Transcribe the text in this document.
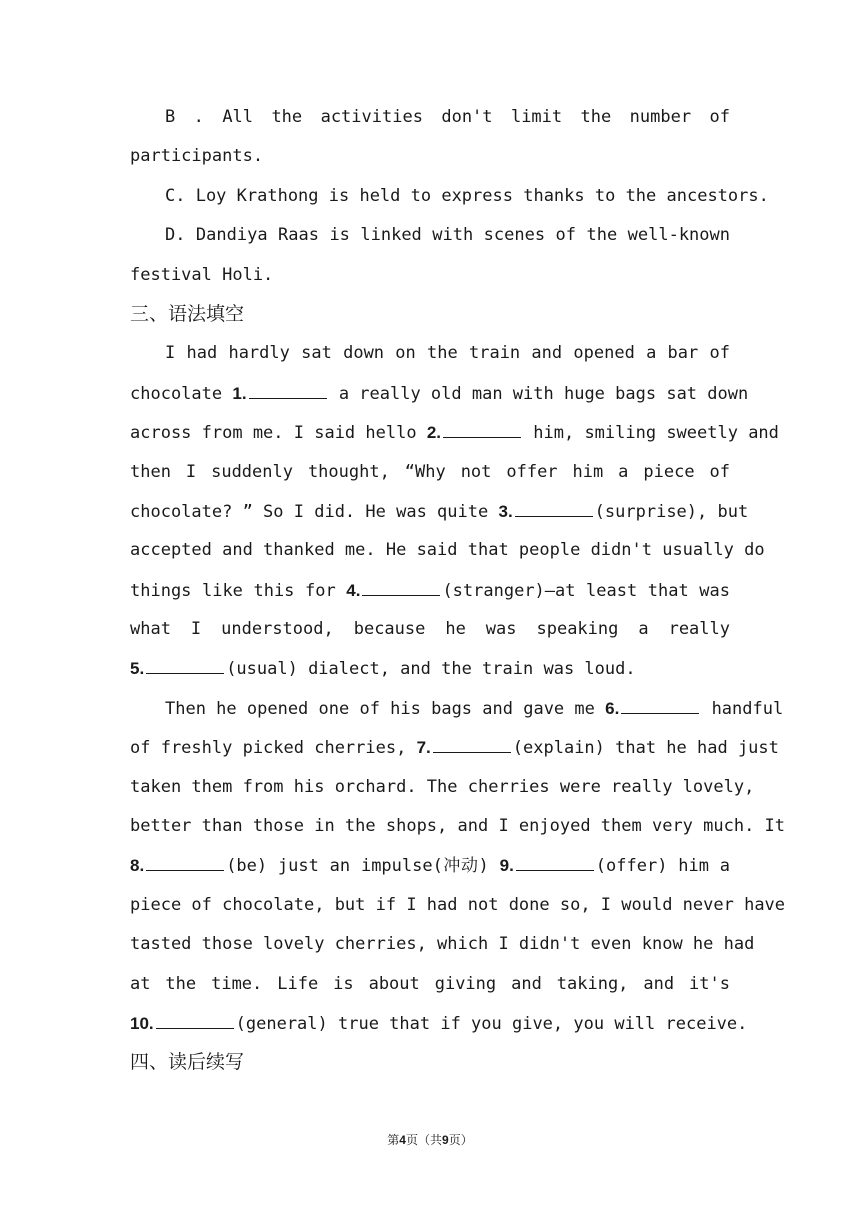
B . All the activities don't limit the number of
participants.
C. Loy Krathong is held to express thanks to the ancestors.
D. Dandiya Raas is linked with scenes of the well-known
festival Holi.
三、语法填空
I had hardly sat down on the train and opened a bar of
chocolate 1.	a really old man with huge bags sat down
across from me. I said hello 2.	him, smiling sweetly and
then I suddenly thought, “Why not offer him a piece of
chocolate? ” So I did. He was quite 3.	(surprise), but
accepted and thanked me. He said that people didn't usually do
things like this for 4.	(stranger)—at least that was
what I understood, because he was speaking a really
5.	(usual) dialect, and the train was loud.
Then he opened one of his bags and gave me 6.	handful
of freshly picked cherries, 7.	(explain) that he had just
taken them from his orchard. The cherries were really lovely,
better than those in the shops, and I enjoyed them very much. It
8.	(be) just an impulse(冲动) 9.	(offer) him a
piece of chocolate, but if I had not done so, I would never have
tasted those lovely cherries, which I didn't even know he had
at the time. Life is about giving and taking, and it's
10.	(general) true that if you give, you will receive.
四、读后续写
第4页（共9页）
